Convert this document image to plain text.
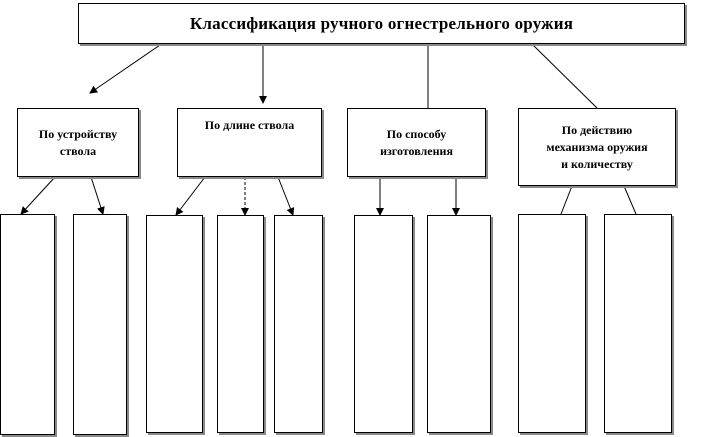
Классификация ручного огнестрельного оружия
По устройству
ствола
По длине ствола
По способу
изготовления
По действию
механизма оружия
и количеству
